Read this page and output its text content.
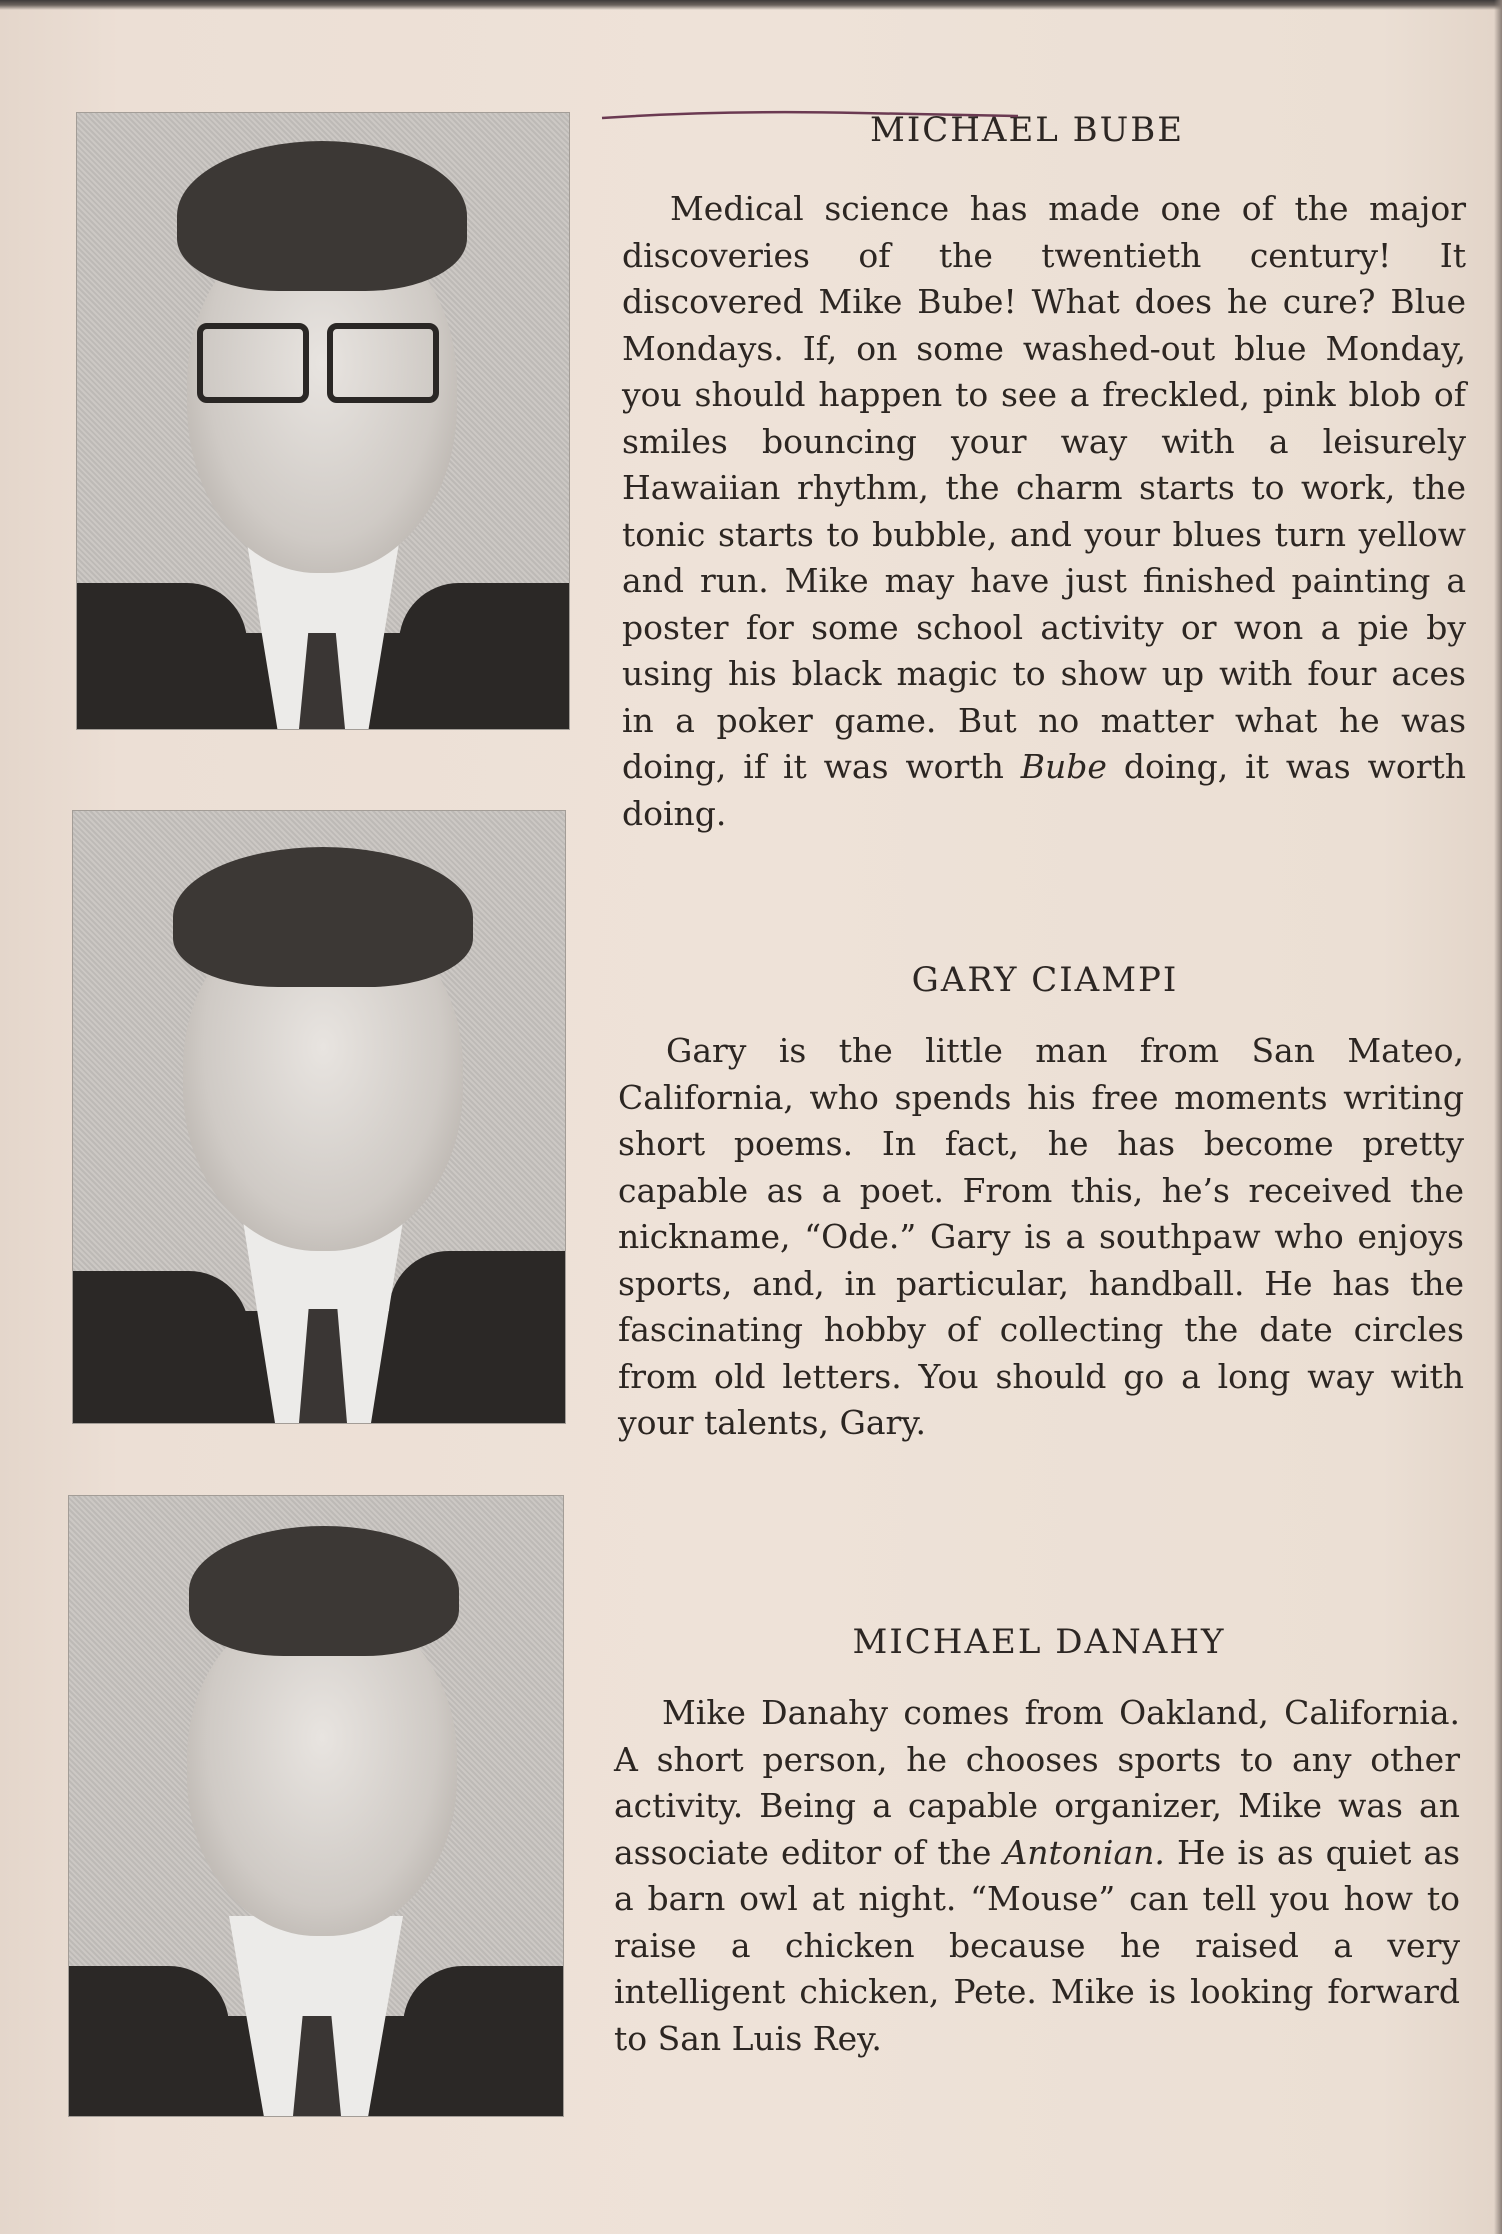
MICHAEL BUBE
Medical science has made one of the major discoveries of the twentieth century! It discovered Mike Bube! What does he cure? Blue Mondays. If, on some washed-out blue Monday, you should happen to see a freckled, pink blob of smiles bouncing your way with a leisurely Hawaiian rhythm, the charm starts to work, the tonic starts to bubble, and your blues turn yellow and run. Mike may have just finished painting a poster for some school activity or won a pie by using his black magic to show up with four aces in a poker game. But no matter what he was doing, if it was worth Bube doing, it was worth doing.
GARY CIAMPI
Gary is the little man from San Mateo, California, who spends his free moments writing short poems. In fact, he has become pretty capable as a poet. From this, he’s received the nickname, “Ode.” Gary is a southpaw who enjoys sports, and, in particular, handball. He has the fascinating hobby of collecting the date circles from old letters. You should go a long way with your talents, Gary.
MICHAEL DANAHY
Mike Danahy comes from Oakland, California. A short person, he chooses sports to any other activity. Being a capable organizer, Mike was an associate editor of the Antonian. He is as quiet as a barn owl at night. “Mouse” can tell you how to raise a chicken because he raised a very intelligent chicken, Pete. Mike is looking forward to San Luis Rey.
